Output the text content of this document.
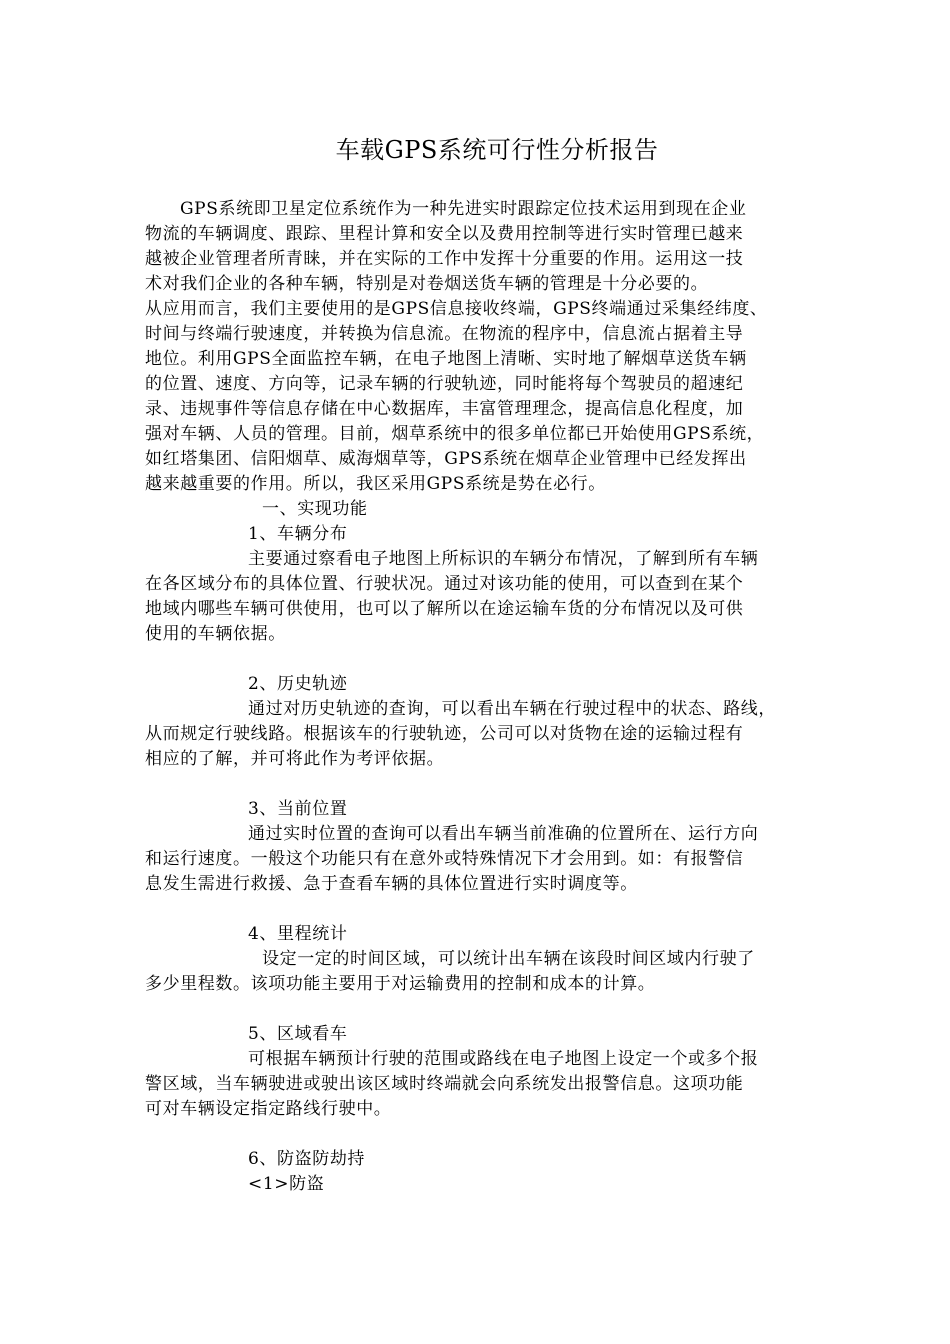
车载GPS系统可行性分析报告
GPS系统即卫星定位系统作为一种先进实时跟踪定位技术运用到现在企业
物流的车辆调度、跟踪、里程计算和安全以及费用控制等进行实时管理已越来
越被企业管理者所青睐，并在实际的工作中发挥十分重要的作用。运用这一技
术对我们企业的各种车辆，特别是对卷烟送货车辆的管理是十分必要的。
从应用而言，我们主要使用的是GPS信息接收终端，GPS终端通过采集经纬度、
时间与终端行驶速度，并转换为信息流。在物流的程序中，信息流占据着主导
地位。利用GPS全面监控车辆，在电子地图上清晰、实时地了解烟草送货车辆
的位置、速度、方向等，记录车辆的行驶轨迹，同时能将每个驾驶员的超速纪
录、违规事件等信息存储在中心数据库，丰富管理理念，提高信息化程度，加
强对车辆、人员的管理。目前，烟草系统中的很多单位都已开始使用GPS系统，
如红塔集团、信阳烟草、威海烟草等，GPS系统在烟草企业管理中已经发挥出
越来越重要的作用。所以，我区采用GPS系统是势在必行。
一、实现功能
1、车辆分布
主要通过察看电子地图上所标识的车辆分布情况，了解到所有车辆
在各区域分布的具体位置、行驶状况。通过对该功能的使用，可以查到在某个
地域内哪些车辆可供使用，也可以了解所以在途运输车货的分布情况以及可供
使用的车辆依据。
2、历史轨迹
通过对历史轨迹的查询，可以看出车辆在行驶过程中的状态、路线，
从而规定行驶线路。根据该车的行驶轨迹，公司可以对货物在途的运输过程有
相应的了解，并可将此作为考评依据。
3、当前位置
通过实时位置的查询可以看出车辆当前准确的位置所在、运行方向
和运行速度。一般这个功能只有在意外或特殊情况下才会用到。如：有报警信
息发生需进行救援、急于查看车辆的具体位置进行实时调度等。
4、里程统计
设定一定的时间区域，可以统计出车辆在该段时间区域内行驶了
多少里程数。该项功能主要用于对运输费用的控制和成本的计算。
5、区域看车
可根据车辆预计行驶的范围或路线在电子地图上设定一个或多个报
警区域，当车辆驶进或驶出该区域时终端就会向系统发出报警信息。这项功能
可对车辆设定指定路线行驶中。
6、防盗防劫持
<1>防盗
